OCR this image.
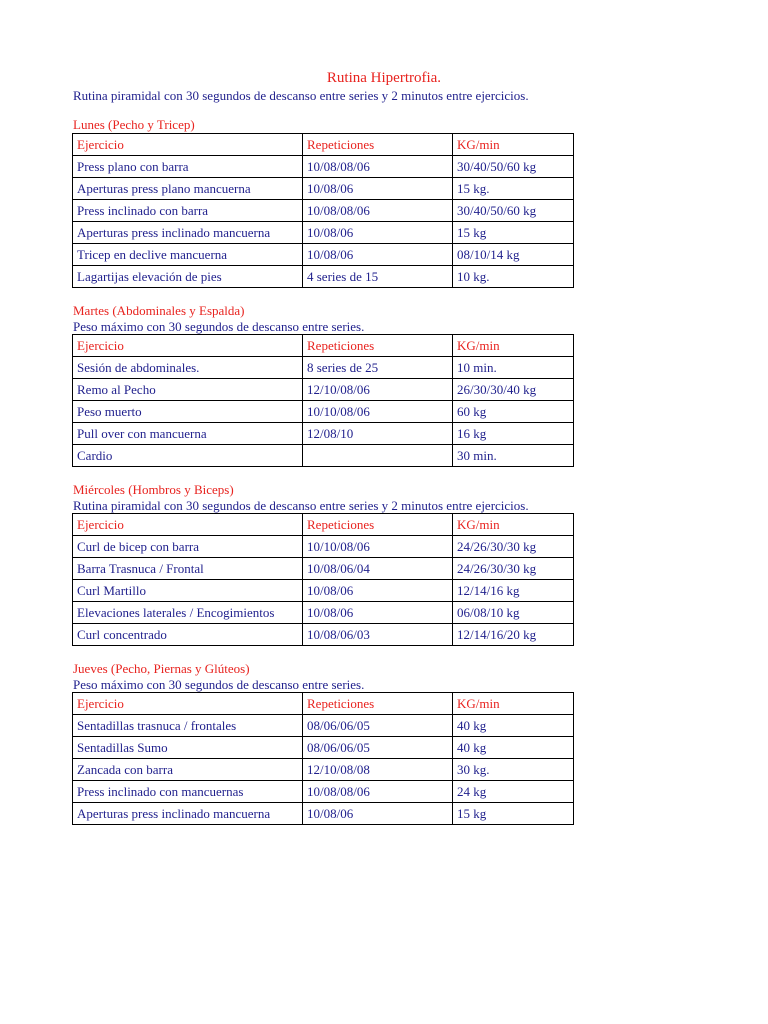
Rutina Hipertrofia.
Rutina piramidal con 30 segundos de descanso entre series y 2 minutos entre ejercicios.
Lunes (Pecho y Tricep)
Ejercicio	Repeticiones	KG/min
Press plano con barra	10/08/08/06	30/40/50/60 kg
Aperturas press plano mancuerna	10/08/06	15 kg.
Press inclinado con barra	10/08/08/06	30/40/50/60 kg
Aperturas press inclinado mancuerna	10/08/06	15 kg
Tricep en declive mancuerna	10/08/06	08/10/14 kg
Lagartijas elevación de pies	4 series de 15	10 kg.
Martes (Abdominales y Espalda)
Peso máximo con 30 segundos de descanso entre series.
Ejercicio	Repeticiones	KG/min
Sesión de abdominales.	8 series de 25	10 min.
Remo al Pecho	12/10/08/06	26/30/30/40 kg
Peso muerto	10/10/08/06	60 kg
Pull over con mancuerna	12/08/10	16 kg
Cardio		30 min.
Miércoles (Hombros y Biceps)
Rutina piramidal con 30 segundos de descanso entre series y 2 minutos entre ejercicios.
Ejercicio	Repeticiones	KG/min
Curl de bicep con barra	10/10/08/06	24/26/30/30 kg
Barra Trasnuca / Frontal	10/08/06/04	24/26/30/30 kg
Curl Martillo	10/08/06	12/14/16 kg
Elevaciones laterales / Encogimientos	10/08/06	06/08/10 kg
Curl concentrado	10/08/06/03	12/14/16/20 kg
Jueves (Pecho, Piernas y Glúteos)
Peso máximo con 30 segundos de descanso entre series.
Ejercicio	Repeticiones	KG/min
Sentadillas trasnuca / frontales	08/06/06/05	40 kg
Sentadillas Sumo	08/06/06/05	40 kg
Zancada con barra	12/10/08/08	30 kg.
Press inclinado con mancuernas	10/08/08/06	24 kg
Aperturas press inclinado mancuerna	10/08/06	15 kg
